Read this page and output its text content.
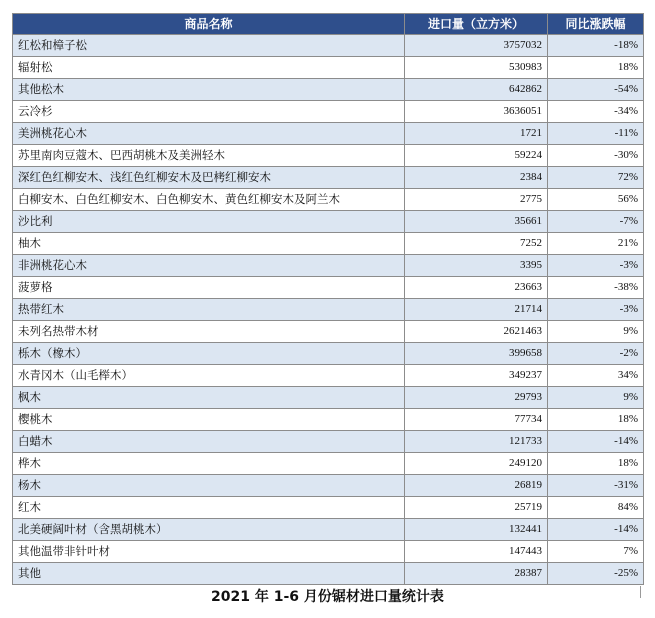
商品名称	进口量（立方米）	同比涨跌幅
红松和樟子松	3757032	-18%
辐射松	530983	18%
其他松木	642862	-54%
云冷杉	3636051	-34%
美洲桃花心木	1721	-11%
苏里南肉豆蔻木、巴西胡桃木及美洲轻木	59224	-30%
深红色红柳安木、浅红色红柳安木及巴栲红柳安木	2384	72%
白柳安木、白色红柳安木、白色柳安木、黄色红柳安木及阿兰木	2775	56%
沙比利	35661	-7%
柚木	7252	21%
非洲桃花心木	3395	-3%
菠萝格	23663	-38%
热带红木	21714	-3%
未列名热带木材	2621463	9%
栎木（橡木）	399658	-2%
水青冈木（山毛榉木）	349237	34%
枫木	29793	9%
樱桃木	77734	18%
白蜡木	121733	-14%
桦木	249120	18%
杨木	26819	-31%
红木	25719	84%
北美硬阔叶材（含黑胡桃木）	132441	-14%
其他温带非针叶材	147443	7%
其他	28387	-25%
2021 年 1-6 月份锯材进口量统计表
